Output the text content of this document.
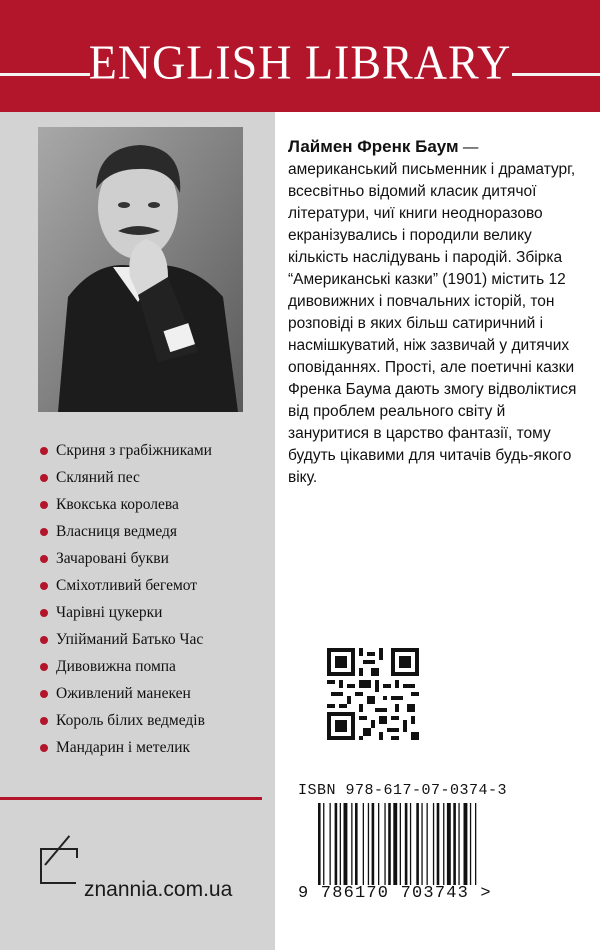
ENGLISH LIBRARY
Скриня з грабіжниками
Скляний пес
Квокська королева
Власниця ведмедя
Зачаровані букви
Сміхотливий бегемот
Чарівні цукерки
Упійманий Батько Час
Дивовижна помпа
Оживлений манекен
Король білих ведмедів
Мандарин і метелик
znannia.com.ua

Лаймен Френк Баум — американський письменник і драматург, всесвітньо відомий класик дитячої літератури, чиї книги неодноразово екранізувались і породили велику кількість наслідувань і пародій. Збірка “Американські казки” (1901) містить 12 дивовижних і повчальних історій, тон розповіді в яких більш сатиричний і насмішкуватий, ніж зазвичай у дитячих оповіданнях. Прості, але поетичні казки Френка Баума дають змогу відволіктися від проблем реального світу й зануритися в царство фантазії, тому будуть цікавими для читачів будь-якого віку.

ISBN 978-617-07-0374-3
9 786170 703743 >
